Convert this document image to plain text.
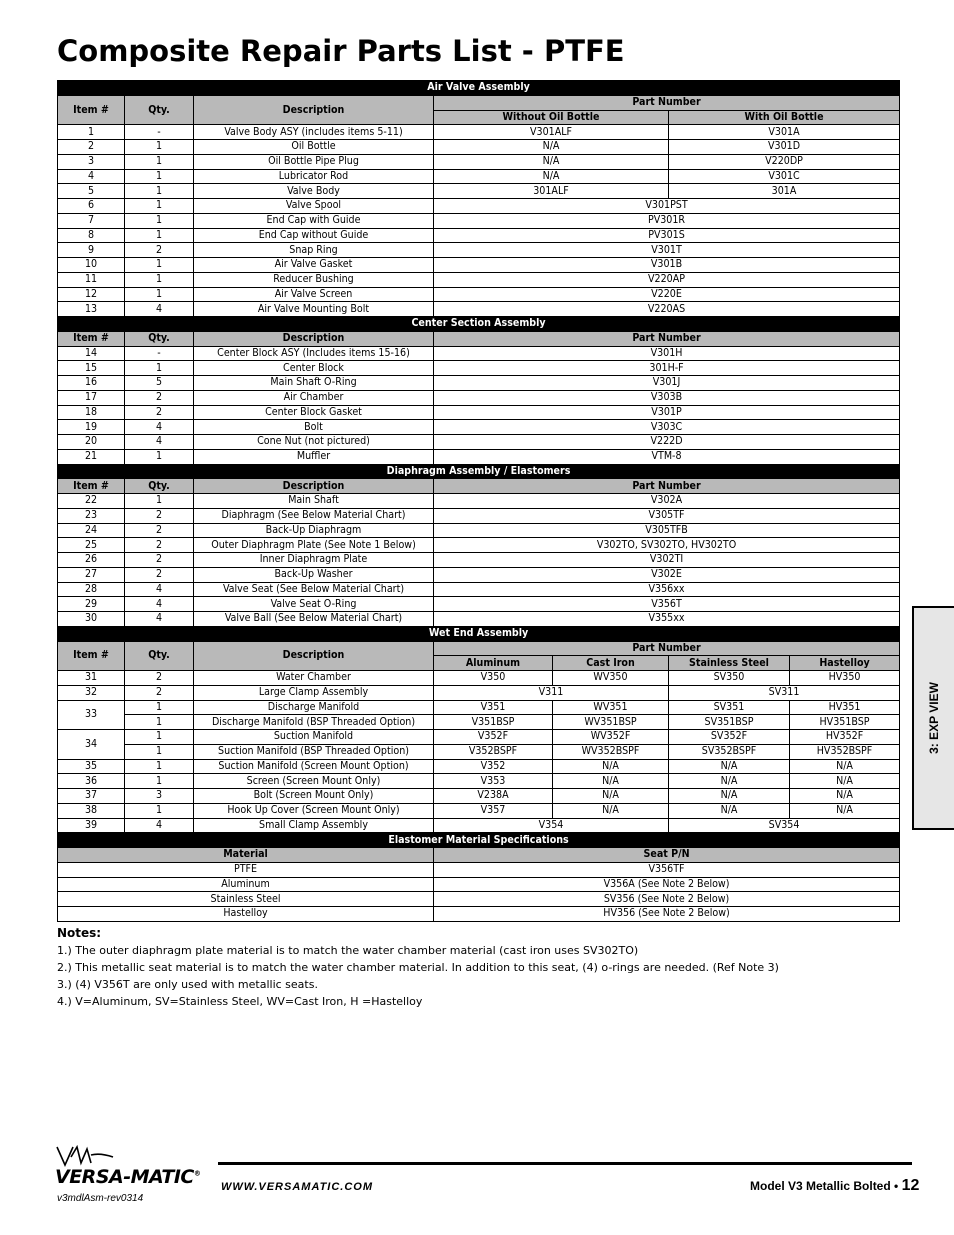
Composite Repair Parts List - PTFE
Air Valve Assembly						
Item #	Qty.	Description	Part Number			
			Without Oil Bottle		With Oil Bottle	
1	-	Valve Body ASY (includes items 5-11)	V301ALF		V301A	
2	1	Oil Bottle	N/A		V301D	
3	1	Oil Bottle Pipe Plug	N/A		V220DP	
4	1	Lubricator Rod	N/A		V301C	
5	1	Valve Body	301ALF		301A	
6	1	Valve Spool	V301PST			
7	1	End Cap with Guide	PV301R			
8	1	End Cap without Guide	PV301S			
9	2	Snap Ring	V301T			
10	1	Air Valve Gasket	V301B			
11	1	Reducer Bushing	V220AP			
12	1	Air Valve Screen	V220E			
13	4	Air Valve Mounting Bolt	V220AS			
Center Section Assembly						
Item #	Qty.	Description	Part Number			
14	-	Center Block ASY (Includes items 15-16)	V301H			
15	1	Center Block	301H-F			
16	5	Main Shaft O-Ring	V301J			
17	2	Air Chamber	V303B			
18	2	Center Block Gasket	V301P			
19	4	Bolt	V303C			
20	4	Cone Nut (not pictured)	V222D			
21	1	Muffler	VTM-8			
Diaphragm Assembly / Elastomers						
Item #	Qty.	Description	Part Number			
22	1	Main Shaft	V302A			
23	2	Diaphragm (See Below Material Chart)	V305TF			
24	2	Back-Up Diaphragm	V305TFB			
25	2	Outer Diaphragm Plate (See Note 1 Below)	V302TO, SV302TO, HV302TO			
26	2	Inner Diaphragm Plate	V302TI			
27	2	Back-Up Washer	V302E			
28	4	Valve Seat (See Below Material Chart)	V356xx			
29	4	Valve Seat O-Ring	V356T			
30	4	Valve Ball (See Below Material Chart)	V355xx			
Wet End Assembly						
Item #	Qty.	Description	Part Number			
			Aluminum	Cast Iron	Stainless Steel	Hastelloy
31	2	Water Chamber	V350	WV350	SV350	HV350
32	2	Large Clamp Assembly	V311		SV311	
33	1	Discharge Manifold	V351	WV351	SV351	HV351
	1	Discharge Manifold (BSP Threaded Option)	V351BSP	WV351BSP	SV351BSP	HV351BSP
34	1	Suction Manifold	V352F	WV352F	SV352F	HV352F
	1	Suction Manifold (BSP Threaded Option)	V352BSPF	WV352BSPF	SV352BSPF	HV352BSPF
35	1	Suction Manifold (Screen Mount Option)	V352	N/A	N/A	N/A
36	1	Screen (Screen Mount Only)	V353	N/A	N/A	N/A
37	3	Bolt (Screen Mount Only)	V238A	N/A	N/A	N/A
38	1	Hook Up Cover (Screen Mount Only)	V357	N/A	N/A	N/A
39	4	Small Clamp Assembly	V354		SV354	
Elastomer Material Specifications						
Material			Seat P/N			
PTFE			V356TF			
Aluminum			V356A (See Note 2 Below)			
Stainless Steel			SV356 (See Note 2 Below)			
Hastelloy			HV356 (See Note 2 Below)			
Notes:
1.) The outer diaphragm plate material is to match the water chamber material (cast iron uses SV302TO)
2.) This metallic seat material is to match the water chamber material. In addition to this seat, (4) o-rings are needed. (Ref Note 3)
3.) (4) V356T are only used with metallic seats.
4.) V=Aluminum, SV=Stainless Steel, WV=Cast Iron, H =Hastelloy
3: EXP VIEW
VERSA-MATIC®
v3mdlAsm-rev0314
WWW.VERSAMATIC.COM	Model V3 Metallic Bolted • 12
